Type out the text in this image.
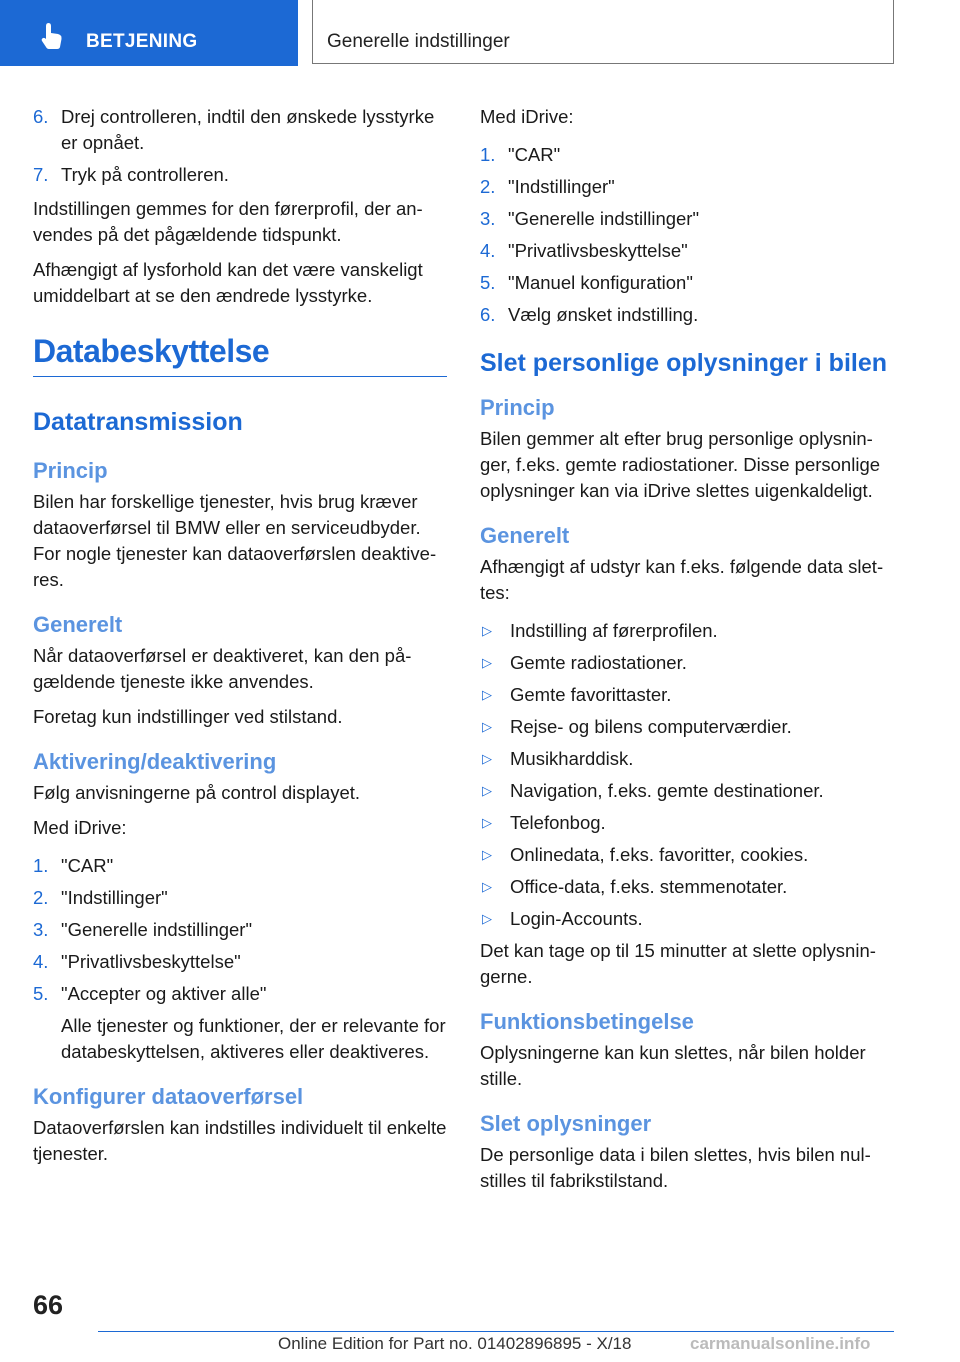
BETJENING	Generelle indstillinger
6. Drej controlleren, indtil den ønskede lysstyrke er opnået.
7. Tryk på controlleren.

Indstillingen gemmes for den førerprofil, der anvendes på det pågældende tidspunkt.

Afhængigt af lysforhold kan det være vanskeligt umiddelbart at se den ændrede lysstyrke.

Databeskyttelse
Datatransmission
Princip

Bilen har forskellige tjenester, hvis brug kræver dataoverførsel til BMW eller en serviceudbyder. For nogle tjenester kan dataoverførslen deaktiveres.

Generelt

Når dataoverførsel er deaktiveret, kan den pågældende tjeneste ikke anvendes.

Foretag kun indstillinger ved stilstand.

Aktivering/deaktivering

Følg anvisningerne på control displayet.

Med iDrive:

1. "CAR"
2. "Indstillinger"
3. "Generelle indstillinger"
4. "Privatlivsbeskyttelse"
5. "Accepter og aktiver alle"
Alle tjenester og funktioner, der er relevante for databeskyttelsen, aktiveres eller deaktiveres.
Konfigurer dataoverførsel

Dataoverførslen kan indstilles individuelt til enkelte tjenester.

Med iDrive:

1. "CAR"
2. "Indstillinger"
3. "Generelle indstillinger"
4. "Privatlivsbeskyttelse"
5. "Manuel konfiguration"
6. Vælg ønsket indstilling.
Slet personlige oplysninger i bilen
Princip

Bilen gemmer alt efter brug personlige oplysninger, f.eks. gemte radiostationer. Disse personlige oplysninger kan via iDrive slettes uigenkaldeligt.

Generelt

Afhængigt af udstyr kan f.eks. følgende data slettes:

▷ Indstilling af førerprofilen.
▷ Gemte radiostationer.
▷ Gemte favorittaster.
▷ Rejse- og bilens computerværdier.
▷ Musikharddisk.
▷ Navigation, f.eks. gemte destinationer.
▷ Telefonbog.
▷ Onlinedata, f.eks. favoritter, cookies.
▷ Office-data, f.eks. stemmenotater.
▷ Login-Accounts.

Det kan tage op til 15 minutter at slette oplysningerne.

Funktionsbetingelse

Oplysningerne kan kun slettes, når bilen holder stille.

Slet oplysninger

De personlige data i bilen slettes, hvis bilen nulstilles til fabrikstilstand.

66
Online Edition for Part no. 01402896895 - X/18	carmanualsonline.info
